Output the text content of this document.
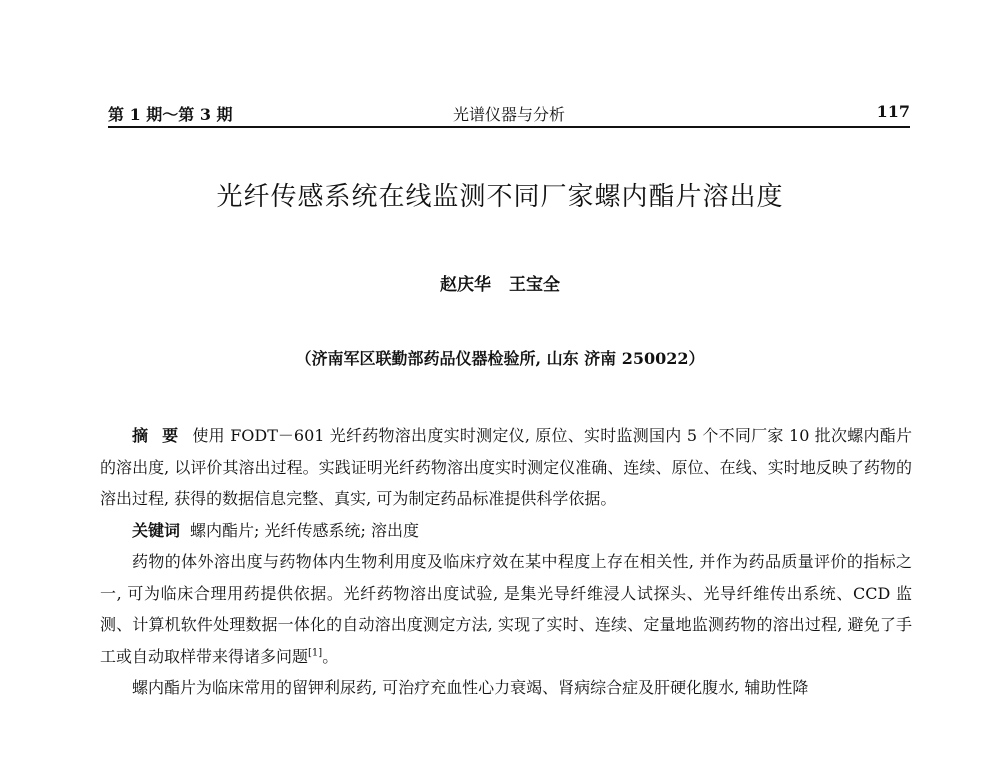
第 1 期～第 3 期	光谱仪器与分析	117
光纤传感系统在线监测不同厂家螺内酯片溶出度
赵庆华 王宝全
（济南军区联勤部药品仪器检验所, 山东 济南 250022）

摘 要 使用 FODT－601 光纤药物溶出度实时测定仪, 原位、实时监测国内 5 个不同厂家 10 批次螺内酯片的溶出度, 以评价其溶出过程。实践证明光纤药物溶出度实时测定仪准确、连续、原位、在线、实时地反映了药物的溶出过程, 获得的数据信息完整、真实, 可为制定药品标准提供科学依据。

关键词 螺内酯片; 光纤传感系统; 溶出度

药物的体外溶出度与药物体内生物利用度及临床疗效在某中程度上存在相关性, 并作为药品质量评价的指标之一, 可为临床合理用药提供依据。光纤药物溶出度试验, 是集光导纤维浸人试探头、光导纤维传出系统、CCD 监测、计算机软件处理数据一体化的自动溶出度测定方法, 实现了实时、连续、定量地监测药物的溶出过程, 避免了手工或自动取样带来得诸多问题[1]。

螺内酯片为临床常用的留钾利尿药, 可治疗充血性心力衰竭、肾病综合症及肝硬化腹水, 辅助性降
